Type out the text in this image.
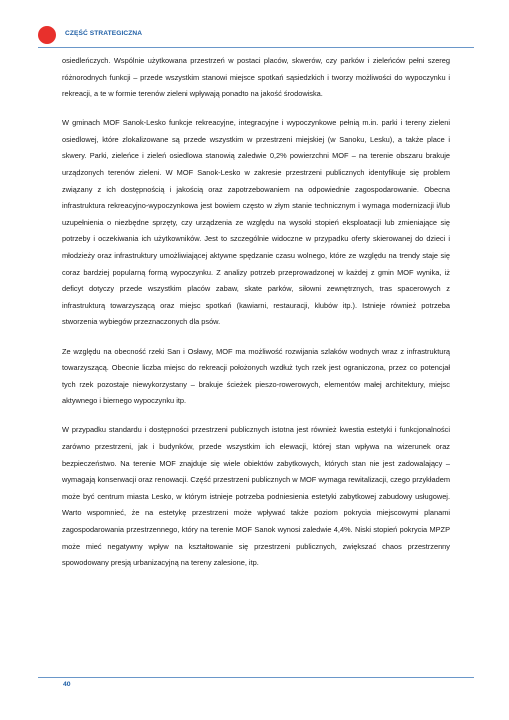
CZĘŚĆ STRATEGICZNA

osiedleńczych. Wspólnie użytkowana przestrzeń w postaci placów, skwerów, czy parków i zieleńców pełni szereg różnorodnych funkcji – przede wszystkim stanowi miejsce spotkań sąsiedzkich i tworzy możliwości do wypoczynku i rekreacji, a te w formie terenów zieleni wpływają ponadto na jakość środowiska.

W gminach MOF Sanok-Lesko funkcje rekreacyjne, integracyjne i wypoczynkowe pełnią m.in. parki i tereny zieleni osiedlowej, które zlokalizowane są przede wszystkim w przestrzeni miejskiej (w Sanoku, Lesku), a także place i skwery. Parki, zieleńce i zieleń osiedlowa stanowią zaledwie 0,2% powierzchni MOF – na terenie obszaru brakuje urządzonych terenów zieleni. W MOF Sanok-Lesko w zakresie przestrzeni publicznych identyfikuje się problem związany z ich dostępnością i jakością oraz zapotrzebowaniem na odpowiednie zagospodarowanie. Obecna infrastruktura rekreacyjno-wypoczynkowa jest bowiem często w złym stanie technicznym i wymaga modernizacji i/lub uzupełnienia o niezbędne sprzęty, czy urządzenia ze względu na wysoki stopień eksploatacji lub zmieniające się potrzeby i oczekiwania ich użytkowników. Jest to szczególnie widoczne w przypadku oferty skierowanej do dzieci i młodzieży oraz infrastruktury umożliwiającej aktywne spędzanie czasu wolnego, które ze względu na trendy staje się coraz bardziej popularną formą wypoczynku. Z analizy potrzeb przeprowadzonej w każdej z gmin MOF wynika, iż deficyt dotyczy przede wszystkim placów zabaw, skate parków, siłowni zewnętrznych, tras spacerowych z infrastrukturą towarzyszącą oraz miejsc spotkań (kawiarni, restauracji, klubów itp.). Istnieje również potrzeba stworzenia wybiegów przeznaczonych dla psów.

Ze względu na obecność rzeki San i Osławy, MOF ma możliwość rozwijania szlaków wodnych wraz z infrastrukturą towarzyszącą. Obecnie liczba miejsc do rekreacji położonych wzdłuż tych rzek jest ograniczona, przez co potencjał tych rzek pozostaje niewykorzystany – brakuje ścieżek pieszo-rowerowych, elementów małej architektury, miejsc aktywnego i biernego wypoczynku itp.

W przypadku standardu i dostępności przestrzeni publicznych istotna jest również kwestia estetyki i funkcjonalności zarówno przestrzeni, jak i budynków, przede wszystkim ich elewacji, której stan wpływa na wizerunek oraz bezpieczeństwo. Na terenie MOF znajduje się wiele obiektów zabytkowych, których stan nie jest zadowalający – wymagają konserwacji oraz renowacji. Część przestrzeni publicznych w MOF wymaga rewitalizacji, czego przykładem może być centrum miasta Lesko, w którym istnieje potrzeba podniesienia estetyki zabytkowej zabudowy usługowej. Warto wspomnieć, że na estetykę przestrzeni może wpływać także poziom pokrycia miejscowymi planami zagospodarowania przestrzennego, który na terenie MOF Sanok wynosi zaledwie 4,4%. Niski stopień pokrycia MPZP może mieć negatywny wpływ na kształtowanie się przestrzeni publicznych, zwiększać chaos przestrzenny spowodowany presją urbanizacyjną na tereny zalesione, itp.

40
